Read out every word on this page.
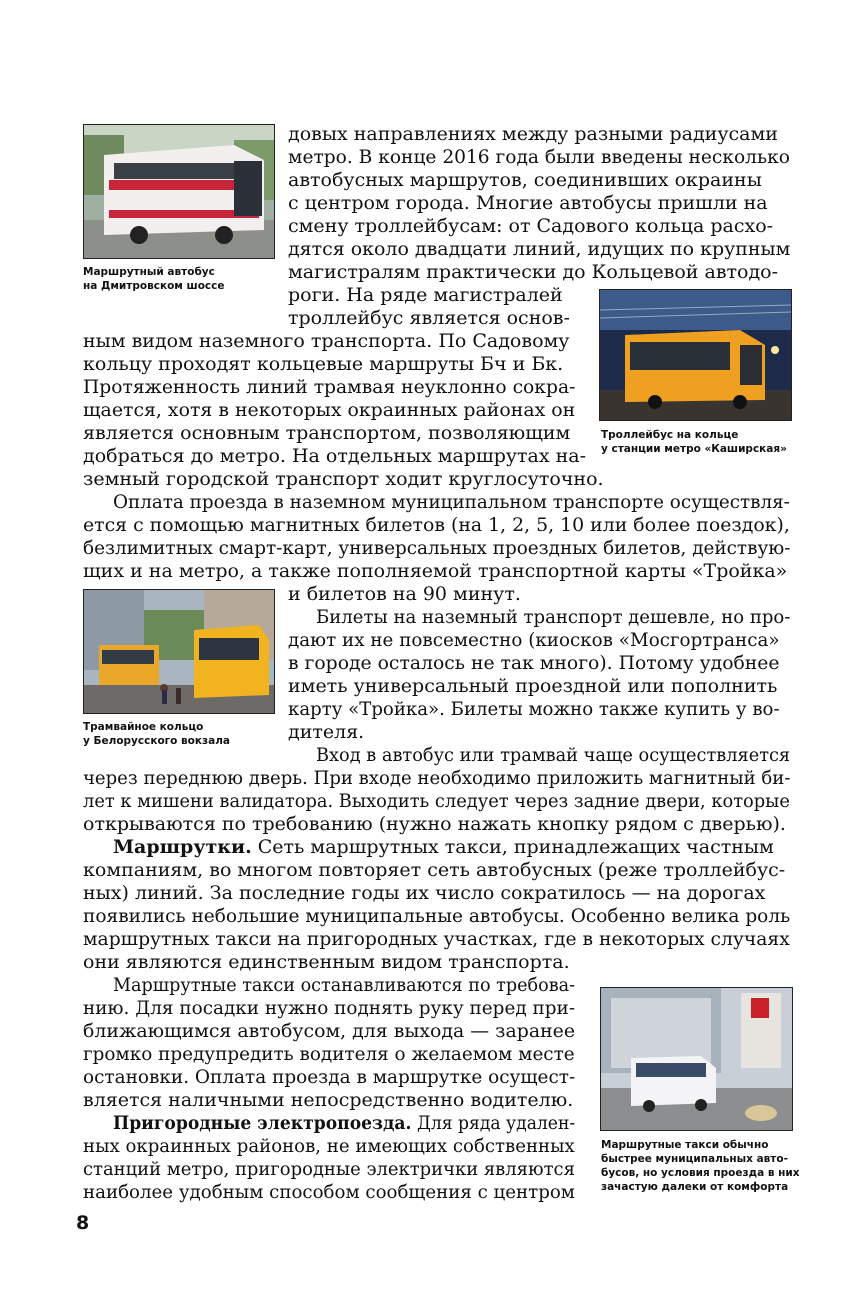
Маршрутный автобус
на Дмитровском шоссе
Троллейбус на кольце
у станции метро «Каширская»
Трамвайное кольцо
у Белорусского вокзала
Маршрутные такси обычно
быстрее муниципальных авто-
бусов, но условия проезда в них
зачастую далеки от комфорта

довых направлениях между разными радиусами

метро. В конце 2016 года были введены несколько

автобусных маршрутов, соединивших окраины

с центром города. Многие автобусы пришли на

смену троллейбусам: от Садового кольца расхо-

дятся около двадцати линий, идущих по крупным

магистралям практически до Кольцевой автодо-

роги. На ряде магистралей

троллейбус является основ-

ным видом наземного транспорта. По Садовому

кольцу проходят кольцевые маршруты Бч и Бк.

Протяженность линий трамвая неуклонно сокра-

щается, хотя в некоторых окраинных районах он

является основным транспортом, позволяющим

добраться до метро. На отдельных маршрутах на-

земный городской транспорт ходит круглосуточно.

Оплата проезда в наземном муниципальном транспорте осуществля-

ется с помощью магнитных билетов (на 1, 2, 5, 10 или более поездок),

безлимитных смарт-карт, универсальных проездных билетов, действую-

щих и на метро, а также пополняемой транспортной карты «Тройка»

и билетов на 90 минут.

Билеты на наземный транспорт дешевле, но про-

дают их не повсеместно (киосков «Мосгортранса»

в городе осталось не так много). Потому удобнее

иметь универсальный проездной или пополнить

карту «Тройка». Билеты можно также купить у во-

дителя.

Вход в автобус или трамвай чаще осуществляется

через переднюю дверь. При входе необходимо приложить магнитный би-

лет к мишени валидатора. Выходить следует через задние двери, которые

открываются по требованию (нужно нажать кнопку рядом с дверью).

Маршрутки. Сеть маршрутных такси, принадлежащих частным

компаниям, во многом повторяет сеть автобусных (реже троллейбус-

ных) линий. За последние годы их число сократилось — на дорогах

появились небольшие муниципальные автобусы. Особенно велика роль

маршрутных такси на пригородных участках, где в некоторых случаях

они являются единственным видом транспорта.

Маршрутные такси останавливаются по требова-

нию. Для посадки нужно поднять руку перед при-

ближающимся автобусом, для выхода — заранее

громко предупредить водителя о желаемом месте

остановки. Оплата проезда в маршрутке осущест-

вляется наличными непосредственно водителю.

Пригородные электропоезда. Для ряда удален-

ных окраинных районов, не имеющих собственных

станций метро, пригородные электрички являются

наиболее удобным способом сообщения с центром

8
